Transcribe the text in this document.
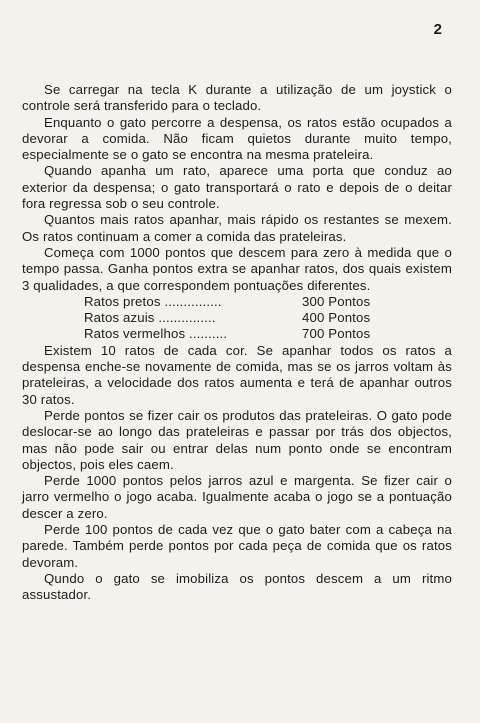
2

Se carregar na tecla K durante a utilização de um joystick o controle será transferido para o teclado.

Enquanto o gato percorre a despensa, os ratos estão ocupados a devorar a comida. Não ficam quietos durante muito tempo, especialmente se o gato se encontra na mesma prateleira.

Quando apanha um rato, aparece uma porta que conduz ao exterior da despensa; o gato transportará o rato e depois de o deitar fora regressa sob o seu controle.

Quantos mais ratos apanhar, mais rápido os restantes se mexem. Os ratos continuam a comer a comida das prateleiras.

Começa com 1000 pontos que descem para zero à medida que o tempo passa. Ganha pontos extra se apanhar ratos, dos quais existem 3 qualidades, a que correspondem pontuações diferentes.

Ratos pretos ...............	300 Pontos
Ratos azuis ...............	400 Pontos
Ratos vermelhos ..........	700 Pontos

Existem 10 ratos de cada cor. Se apanhar todos os ratos a despensa enche-se novamente de comida, mas se os jarros voltam às prateleiras, a velocidade dos ratos aumenta e terá de apanhar outros 30 ratos.

Perde pontos se fizer cair os produtos das prateleiras. O gato pode deslocar-se ao longo das prateleiras e passar por trás dos objectos, mas não pode sair ou entrar delas num ponto onde se encontram objectos, pois eles caem.

Perde 1000 pontos pelos jarros azul e margenta. Se fizer cair o jarro vermelho o jogo acaba. Igualmente acaba o jogo se a pontuação descer a zero.

Perde 100 pontos de cada vez que o gato bater com a cabeça na parede. Também perde pontos por cada peça de comida que os ratos devoram.

Qundo o gato se imobiliza os pontos descem a um ritmo assustador.
